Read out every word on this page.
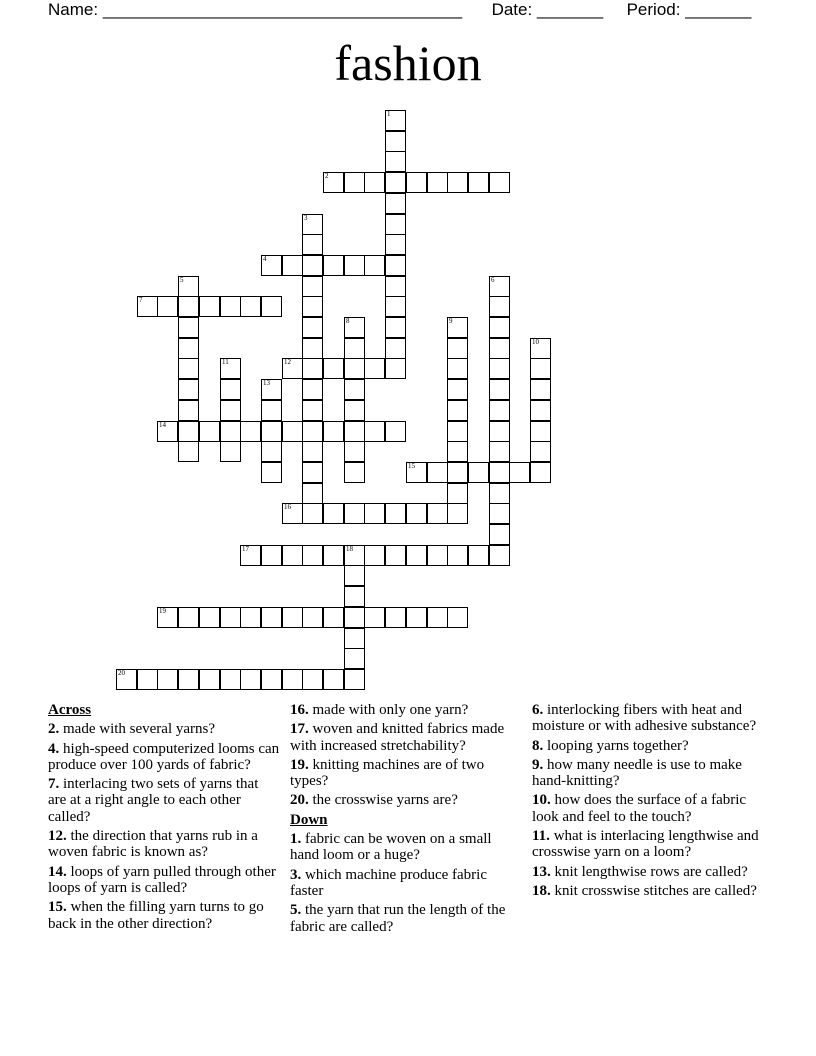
Name: ______________________________________ Date: _______ Period: _______
fashion
1
2
3
4
5	6
7
8	9
10
11	12
13
14
15
16
17	18
19
20
Across
2. made with several yarns?
4. high-speed computerized looms can produce over 100 yards of fabric?
7. interlacing two sets of yarns that are at a right angle to each other called?
12. the direction that yarns rub in a woven fabric is known as?
14. loops of yarn pulled through other loops of yarn is called?
15. when the filling yarn turns to go back in the other direction?
16. made with only one yarn?
17. woven and knitted fabrics made with increased stretchability?
19. knitting machines are of two types?
20. the crosswise yarns are?
Down
1. fabric can be woven on a small hand loom or a huge?
3. which machine produce fabric faster
5. the yarn that run the length of the fabric are called?
6. interlocking fibers with heat and moisture or with adhesive substance?
8. looping yarns together?
9. how many needle is use to make hand-knitting?
10. how does the surface of a fabric look and feel to the touch?
11. what is interlacing lengthwise and crosswise yarn on a loom?
13. knit lengthwise rows are called?
18. knit crosswise stitches are called?
